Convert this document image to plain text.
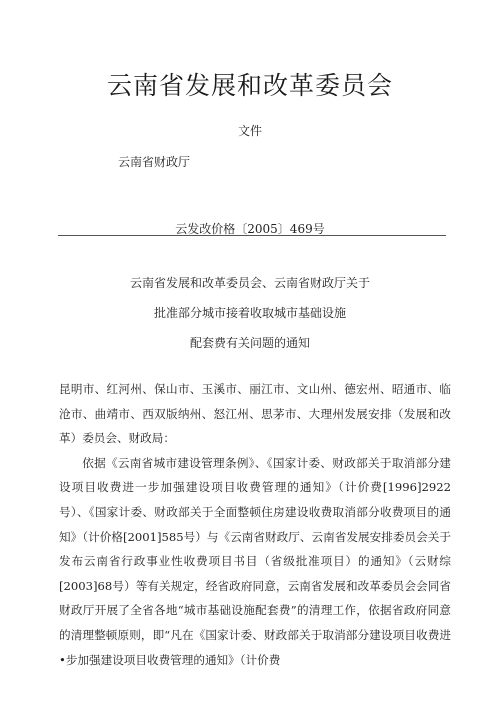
云南省发展和改革委员会
文件
云南省财政厅
云发改价格〔2005〕469号
云南省发展和改革委员会、云南省财政厅关于
批准部分城市接着收取城市基础设施
配套费有关问题的通知

昆明市、红河州、保山市、玉溪市、丽江市、文山州、德宏州、昭通市、临沧市、曲靖市、西双版纳州、怒江州、思茅市、大理州发展安排（发展和改革）委员会、财政局：

依据《云南省城市建设管理条例》、《国家计委、财政部关于取消部分建设项目收费进一步加强建设项目收费管理的通知》（计价费[1996]2922号）、《国家计委、财政部关于全面整顿住房建设收费取消部分收费项目的通知》（计价格[2001]585号）与《云南省财政厅、云南省发展安排委员会关于发布云南省行政事业性收费项目书目（省级批准项目）的通知》（云财综[2003]68号）等有关规定，经省政府同意，云南省发展和改革委员会会同省财政厅开展了全省各地“城市基础设施配套费”的清理工作，依据省政府同意的清理整顿原则，即“凡在《国家计委、财政部关于取消部分建设项目收费进•步加强建设项目收费管理的通知》（计价费
